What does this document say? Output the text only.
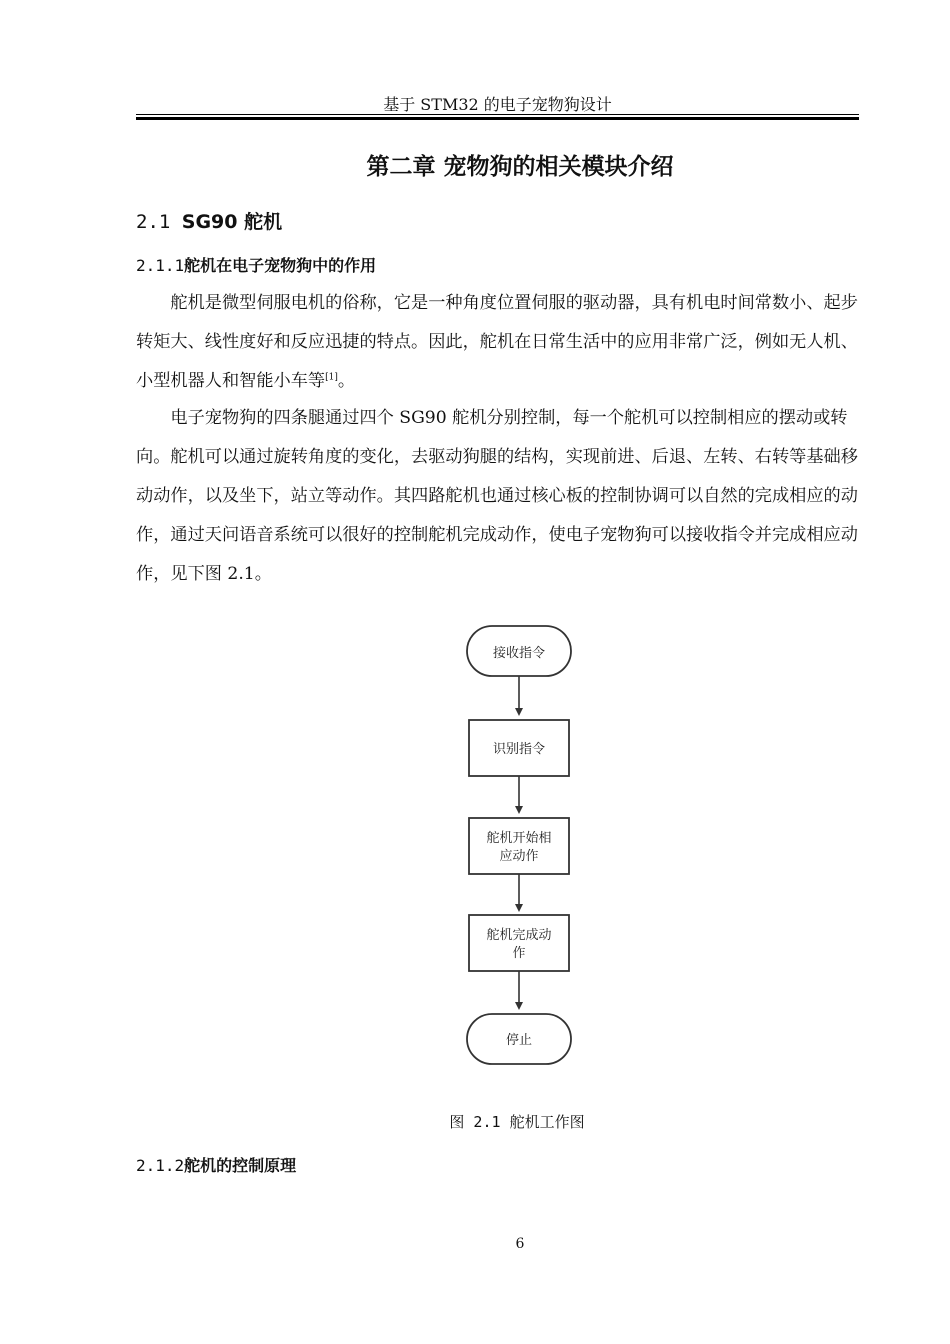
基于 STM32 的电子宠物狗设计
第二章 宠物狗的相关模块介绍
2.1 SG90 舵机
2.1.1舵机在电子宠物狗中的作用

舵机是微型伺服电机的俗称，它是一种角度位置伺服的驱动器，具有机电时间常数小、起步转矩大、线性度好和反应迅捷的特点。因此，舵机在日常生活中的应用非常广泛，例如无人机、小型机器人和智能小车等[1]。

电子宠物狗的四条腿通过四个 SG90 舵机分别控制，每一个舵机可以控制相应的摆动或转向。舵机可以通过旋转角度的变化，去驱动狗腿的结构，实现前进、后退、左转、右转等基础移动动作，以及坐下，站立等动作。其四路舵机也通过核心板的控制协调可以自然的完成相应的动作，通过天问语音系统可以很好的控制舵机完成动作，使电子宠物狗可以接收指令并完成相应动作，见下图 2.1。

接收指令
识别指令
舵机开始相
应动作
舵机完成动
作
停止
图 2.1 舵机工作图
2.1.2舵机的控制原理
6
